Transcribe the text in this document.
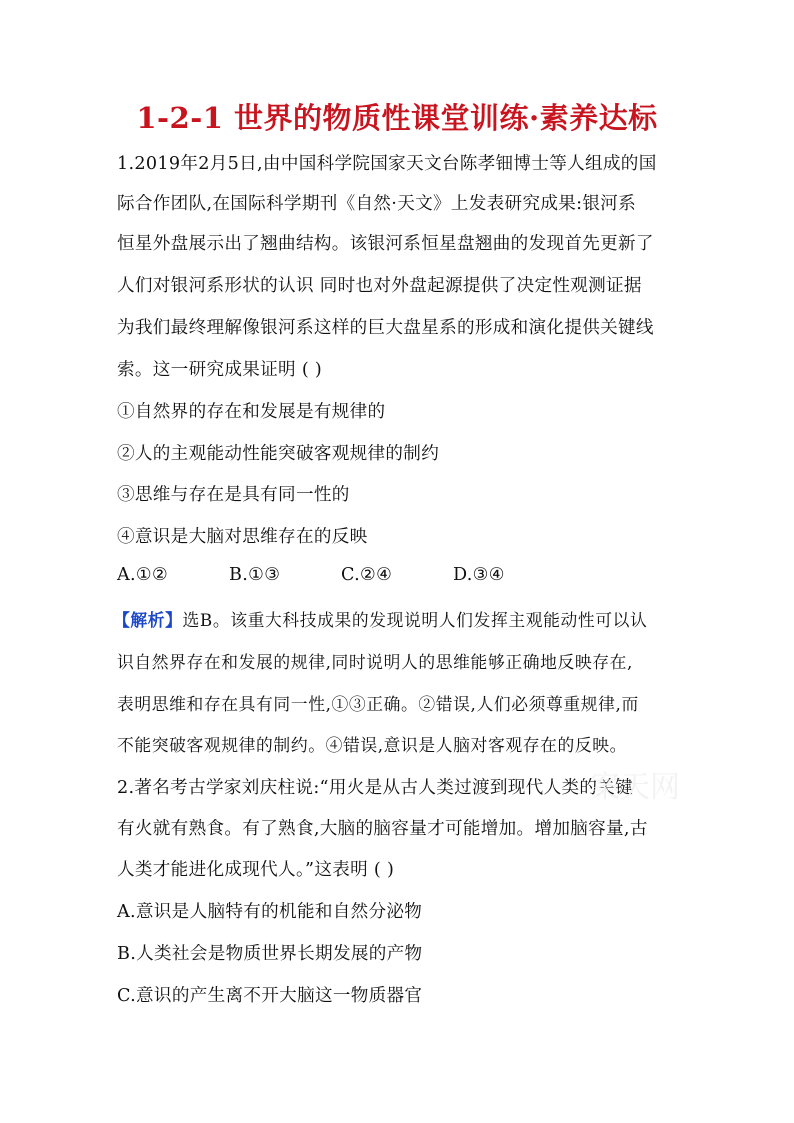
1-2-1 世界的物质性课堂训练·素养达标
1.2019年2月5日,由中国科学院国家天文台陈孝钿博士等人组成的国
际合作团队,在国际科学期刊《自然·天文》上发表研究成果:银河系
恒星外盘展示出了翘曲结构。该银河系恒星盘翘曲的发现首先更新了
人们对银河系形状的认识 同时也对外盘起源提供了决定性观测证据
为我们最终理解像银河系这样的巨大盘星系的形成和演化提供关键线
索。这一研究成果证明 ( )
①自然界的存在和发展是有规律的
②人的主观能动性能突破客观规律的制约
③思维与存在是具有同一性的
④意识是大脑对思维存在的反映
A.①②	B.①③	C.②④	D.③④
【解析】选B。该重大科技成果的发现说明人们发挥主观能动性可以认
识自然界存在和发展的规律,同时说明人的思维能够正确地反映存在,
表明思维和存在具有同一性,①③正确。②错误,人们必须尊重规律,而
不能突破客观规律的制约。④错误,意识是人脑对客观存在的反映。
2.著名考古学家刘庆柱说:“用火是从古人类过渡到现代人类的关键
有火就有熟食。有了熟食,大脑的脑容量才可能增加。增加脑容量,古
人类才能进化成现代人。”这表明 ( )
A.意识是人脑特有的机能和自然分泌物
B.人类社会是物质世界长期发展的产物
C.意识的产生离不开大脑这一物质器官
案天网
